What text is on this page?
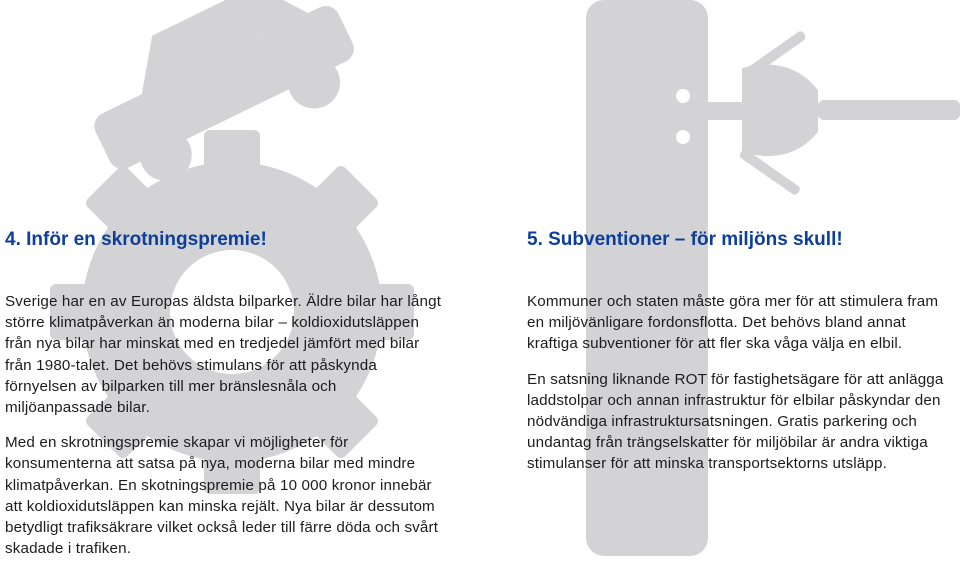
4. Inför en skrotningspremie!

Sverige har en av Europas äldsta bilparker. Äldre bilar har långt större klimatpåverkan än moderna bilar – koldioxidutsläppen från nya bilar har minskat med en tredjedel jämfört med bilar från 1980-talet. Det behövs stimulans för att påskynda förnyelsen av bilparken till mer bränslesnåla och miljöanpassade bilar.

Med en skrotningspremie skapar vi möjligheter för konsumenterna att satsa på nya, moderna bilar med mindre klimatpåverkan. En skotningspremie på 10 000 kronor innebär att koldioxidutsläppen kan minska rejält. Nya bilar är dessutom betydligt trafiksäkrare vilket också leder till färre döda och svårt skadade i trafiken.

5. Subventioner – för miljöns skull!

Kommuner och staten måste göra mer för att stimulera fram en miljövänligare fordonsflotta. Det behövs bland annat kraftiga subventioner för att fler ska våga välja en elbil.

En satsning liknande ROT för fastighetsägare för att anlägga laddstolpar och annan infrastruktur för elbilar påskyndar den nödvändiga infrastruktursatsningen. Gratis parkering och undantag från trängselskatter för miljöbilar är andra viktiga stimulanser för att minska transportsektorns utsläpp.
